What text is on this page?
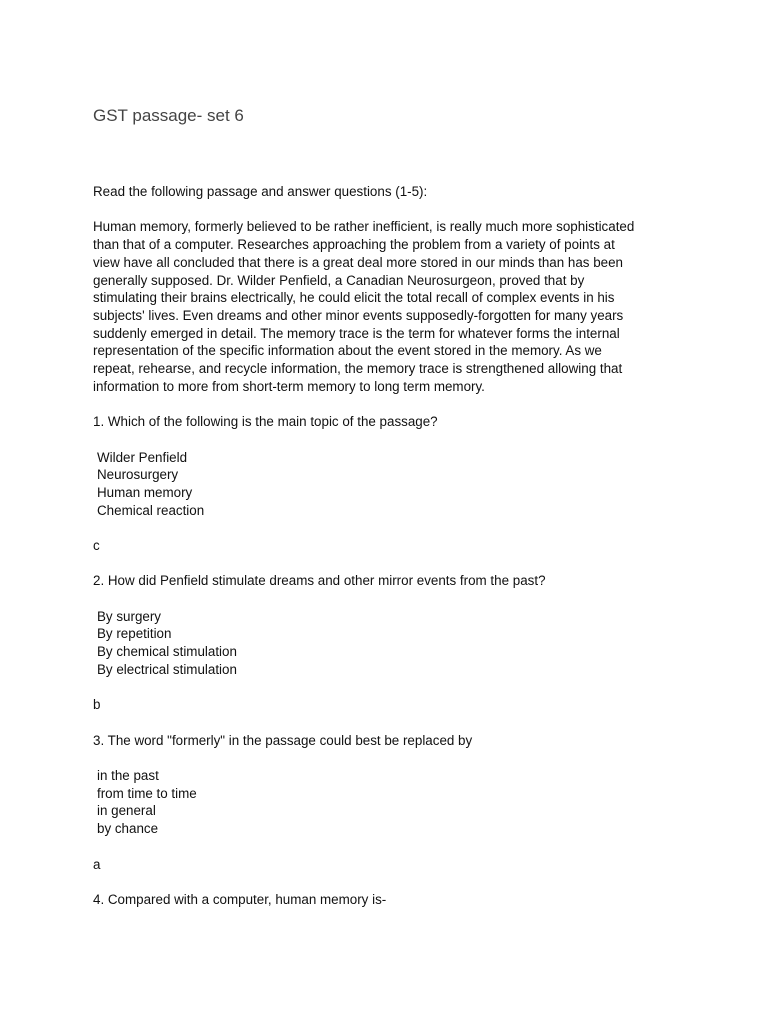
GST passage- set 6
Read the following passage and answer questions (1-5):
Human memory, formerly believed to be rather inefficient, is really much more sophisticated
than that of a computer. Researches approaching the problem from a variety of points at
view have all concluded that there is a great deal more stored in our minds than has been
generally supposed. Dr. Wilder Penfield, a Canadian Neurosurgeon, proved that by
stimulating their brains electrically, he could elicit the total recall of complex events in his
subjects' lives. Even dreams and other minor events supposedly-forgotten for many years
suddenly emerged in detail. The memory trace is the term for whatever forms the internal
representation of the specific information about the event stored in the memory. As we
repeat, rehearse, and recycle information, the memory trace is strengthened allowing that
information to more from short-term memory to long term memory.
1. Which of the following is the main topic of the passage?
Wilder Penfield
Neurosurgery
Human memory
Chemical reaction
c
2. How did Penfield stimulate dreams and other mirror events from the past?
By surgery
By repetition
By chemical stimulation
By electrical stimulation
b
3. The word "formerly" in the passage could best be replaced by
in the past
from time to time
in general
by chance
a
4. Compared with a computer, human memory is-
